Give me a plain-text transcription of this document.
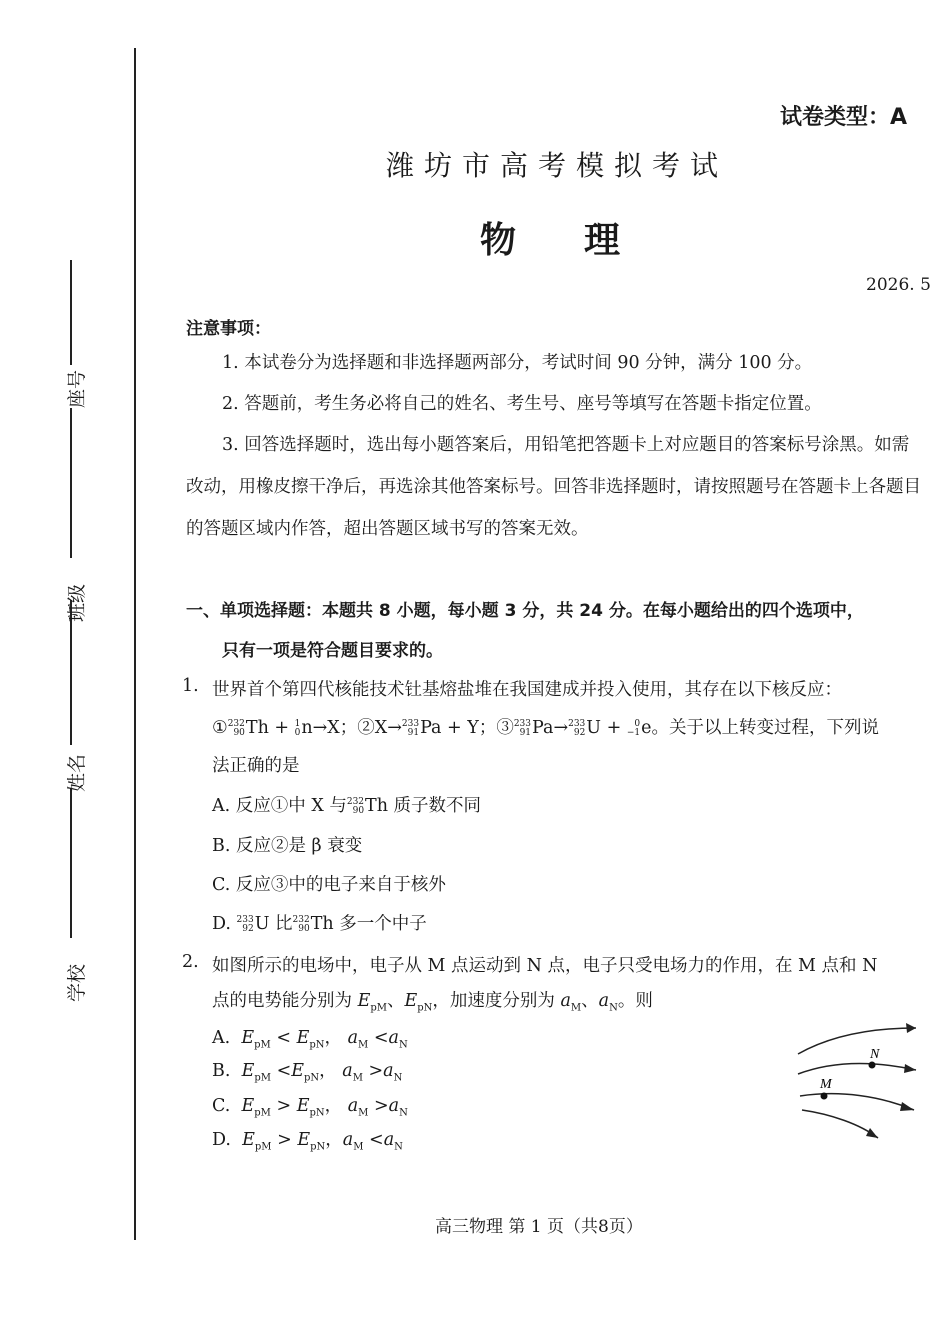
学校
姓名
班级
座号
试卷类型：A
潍坊市高考模拟考试
物理
2026. 5
注意事项：
1. 本试卷分为选择题和非选择题两部分，考试时间 90 分钟，满分 100 分。
2. 答题前，考生务必将自己的姓名、考生号、座号等填写在答题卡指定位置。
3. 回答选择题时，选出每小题答案后，用铅笔把答题卡上对应题目的答案标号涂黑。如需改动，用橡皮擦干净后，再选涂其他答案标号。回答非选择题时，请按照题号在答题卡上各题目的答题区域内作答，超出答题区域书写的答案无效。
一、单项选择题：本题共 8 小题，每小题 3 分，共 24 分。在每小题给出的四个选项中，
只有一项是符合题目要求的。
1. 世界首个第四代核能技术钍基熔盐堆在我国建成并投入使用，其存在以下核反应：
① 232
90 Th + 1
0 n→X；②X→ 233
91 Pa + Y；③ 233
91 Pa→ 233
92 U + 0
−1 e。关于以上转变过程，下列说
法正确的是
A. 反应①中 X 与 232
90 Th 质子数不同
B. 反应②是 β 衰变
C. 反应③中的电子来自于核外
D. 233
92 U 比 232
90 Th 多一个中子
2. 如图所示的电场中，电子从 M 点运动到 N 点，电子只受电场力的作用，在 M 点和 N
点的电势能分别为 $E_{pM}$、$E_{pN}$，加速度分别为 $a_M$、$a_N$。则
A. $E_{pM} < E_{pN}$， $a_M <a_N$
B. $E_{pM} <E_{pN}$， $a_M >a_N$
C. $E_{pM} > E_{pN}$， $a_M >a_N$
D. $E_{pM} > E_{pN}$，$a_M <a_N$
N
M
高三物理 第 1 页（共8页）
